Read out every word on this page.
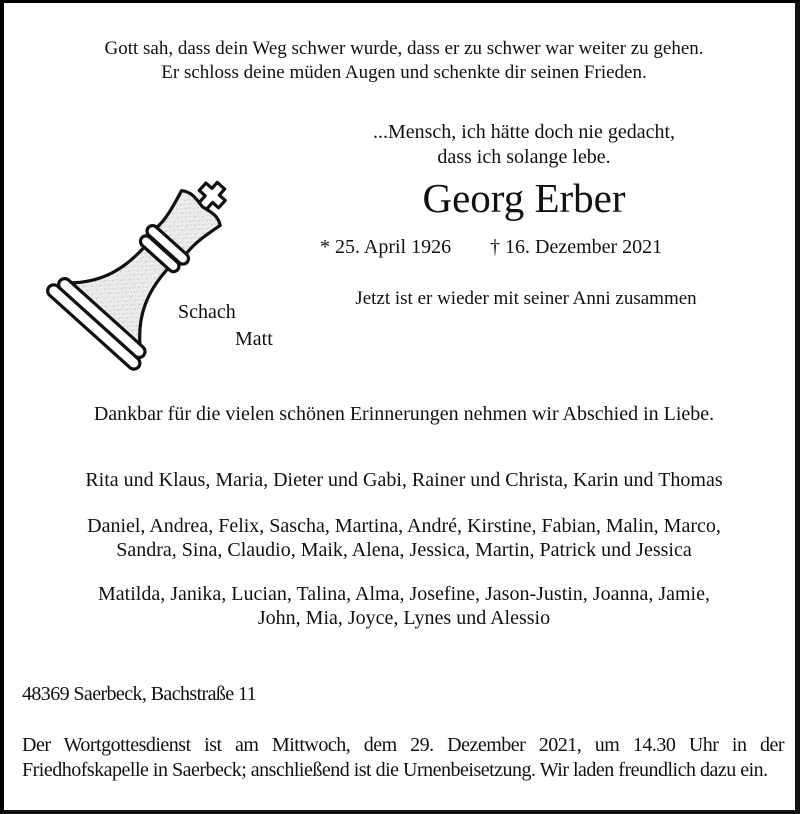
Gott sah, dass dein Weg schwer wurde, dass er zu schwer war weiter zu gehen.
Er schloss deine müden Augen und schenkte dir seinen Frieden.
...Mensch, ich hätte doch nie gedacht,
dass ich solange lebe.
Georg Erber
* 25. April 1926 † 16. Dezember 2021
Jetzt ist er wieder mit seiner Anni zusammen
Schach
Matt
Dankbar für die vielen schönen Erinnerungen nehmen wir Abschied in Liebe.
Rita und Klaus, Maria, Dieter und Gabi, Rainer und Christa, Karin und Thomas
Daniel, Andrea, Felix, Sascha, Martina, André, Kirstine, Fabian, Malin, Marco,
Sandra, Sina, Claudio, Maik, Alena, Jessica, Martin, Patrick und Jessica
Matilda, Janika, Lucian, Talina, Alma, Josefine, Jason-Justin, Joanna, Jamie,
John, Mia, Joyce, Lynes und Alessio
48369 Saerbeck, Bachstraße 11
Der Wortgottesdienst ist am Mittwoch, dem 29. Dezember 2021, um 14.30 Uhr in der Friedhofskapelle in Saerbeck; anschließend ist die Urnenbeisetzung. Wir laden freundlich dazu ein.
